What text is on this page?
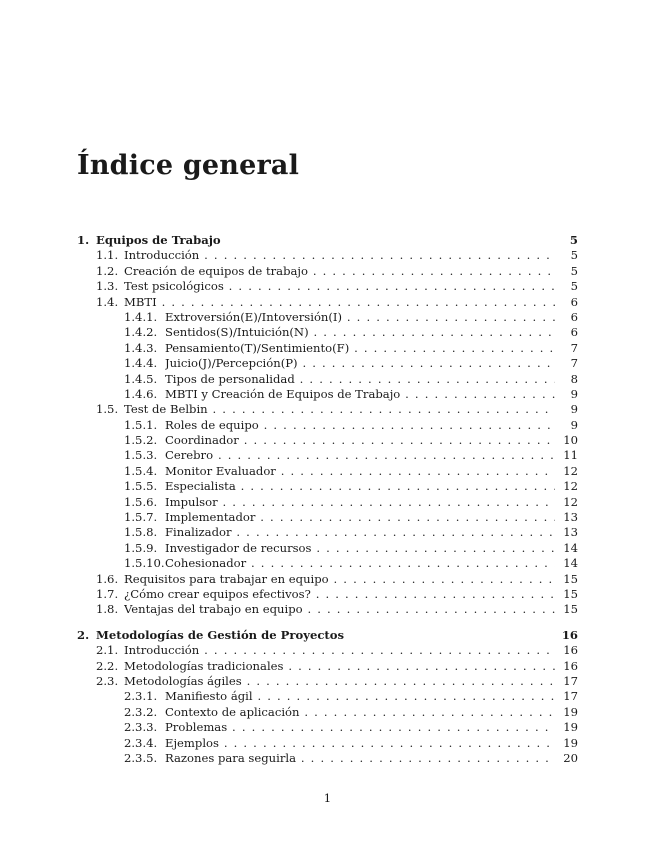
Índice general
1. Equipos de Trabajo	5
1.1. Introducción . . .	5
1.2. Creación de equipos de trabajo . . .	5
1.3. Test psicológicos . . .	5
1.4. MBTI . . .	6
1.4.1. Extroversión(E)/Intoversión(I) . . .	6
1.4.2. Sentidos(S)/Intuición(N) . . .	6
1.4.3. Pensamiento(T)/Sentimiento(F) . . .	7
1.4.4. Juicio(J)/Percepción(P) . . .	7
1.4.5. Tipos de personalidad . . .	8
1.4.6. MBTI y Creación de Equipos de Trabajo . . .	9
1.5. Test de Belbin . . .	9
1.5.1. Roles de equipo . . .	9
1.5.2. Coordinador . . .	10
1.5.3. Cerebro . . .	11
1.5.4. Monitor Evaluador . . .	12
1.5.5. Especialista . . .	12
1.5.6. Impulsor . . .	12
1.5.7. Implementador . . .	13
1.5.8. Finalizador . . .	13
1.5.9. Investigador de recursos . . .	14
1.5.10. Cohesionador . . .	14
1.6. Requisitos para trabajar en equipo . . .	15
1.7. ¿Cómo crear equipos efectivos? . . .	15
1.8. Ventajas del trabajo en equipo . . .	15
2. Metodologías de Gestión de Proyectos	16
2.1. Introducción . . .	16
2.2. Metodologías tradicionales . . .	16
2.3. Metodologías ágiles . . .	17
2.3.1. Manifiesto ágil . . .	17
2.3.2. Contexto de aplicación . . .	19
2.3.3. Problemas . . .	19
2.3.4. Ejemplos . . .	19
2.3.5. Razones para seguirla . . .	20
1
